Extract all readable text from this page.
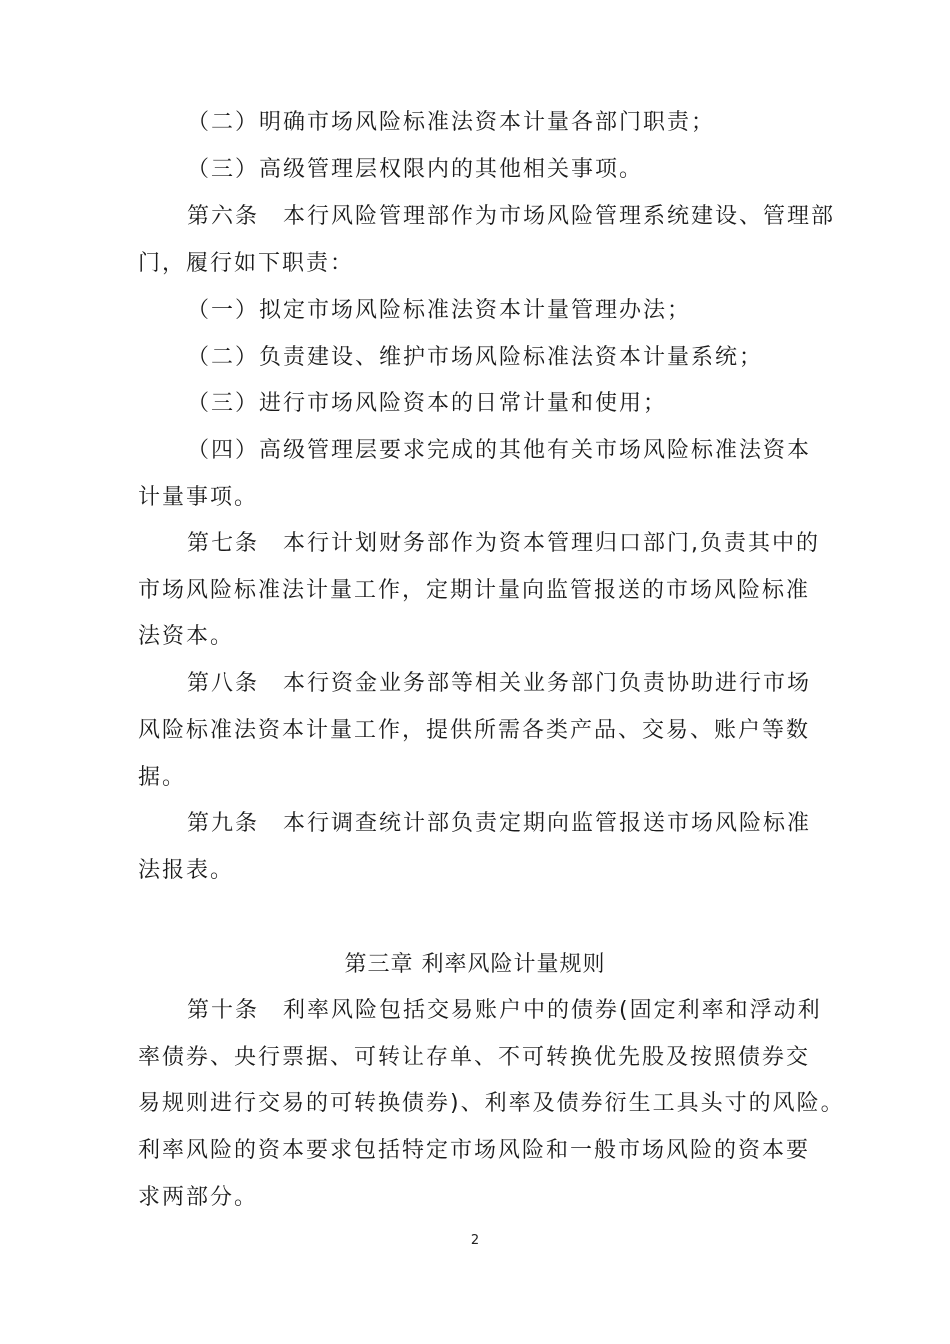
（二）明确市场风险标准法资本计量各部门职责；
（三）高级管理层权限内的其他相关事项。
第六条　本行风险管理部作为市场风险管理系统建设、管理部
门，履行如下职责：
（一）拟定市场风险标准法资本计量管理办法；
（二）负责建设、维护市场风险标准法资本计量系统；
（三）进行市场风险资本的日常计量和使用；
（四）高级管理层要求完成的其他有关市场风险标准法资本
计量事项。
第七条　本行计划财务部作为资本管理归口部门,负责其中的
市场风险标准法计量工作，定期计量向监管报送的市场风险标准
法资本。
第八条　本行资金业务部等相关业务部门负责协助进行市场
风险标准法资本计量工作，提供所需各类产品、交易、账户等数
据。
第九条　本行调查统计部负责定期向监管报送市场风险标准
法报表。
第三章 利率风险计量规则
第十条　利率风险包括交易账户中的债券(固定利率和浮动利
率债券、央行票据、可转让存单、不可转换优先股及按照债券交
易规则进行交易的可转换债券)、利率及债券衍生工具头寸的风险。
利率风险的资本要求包括特定市场风险和一般市场风险的资本要
求两部分。
2
